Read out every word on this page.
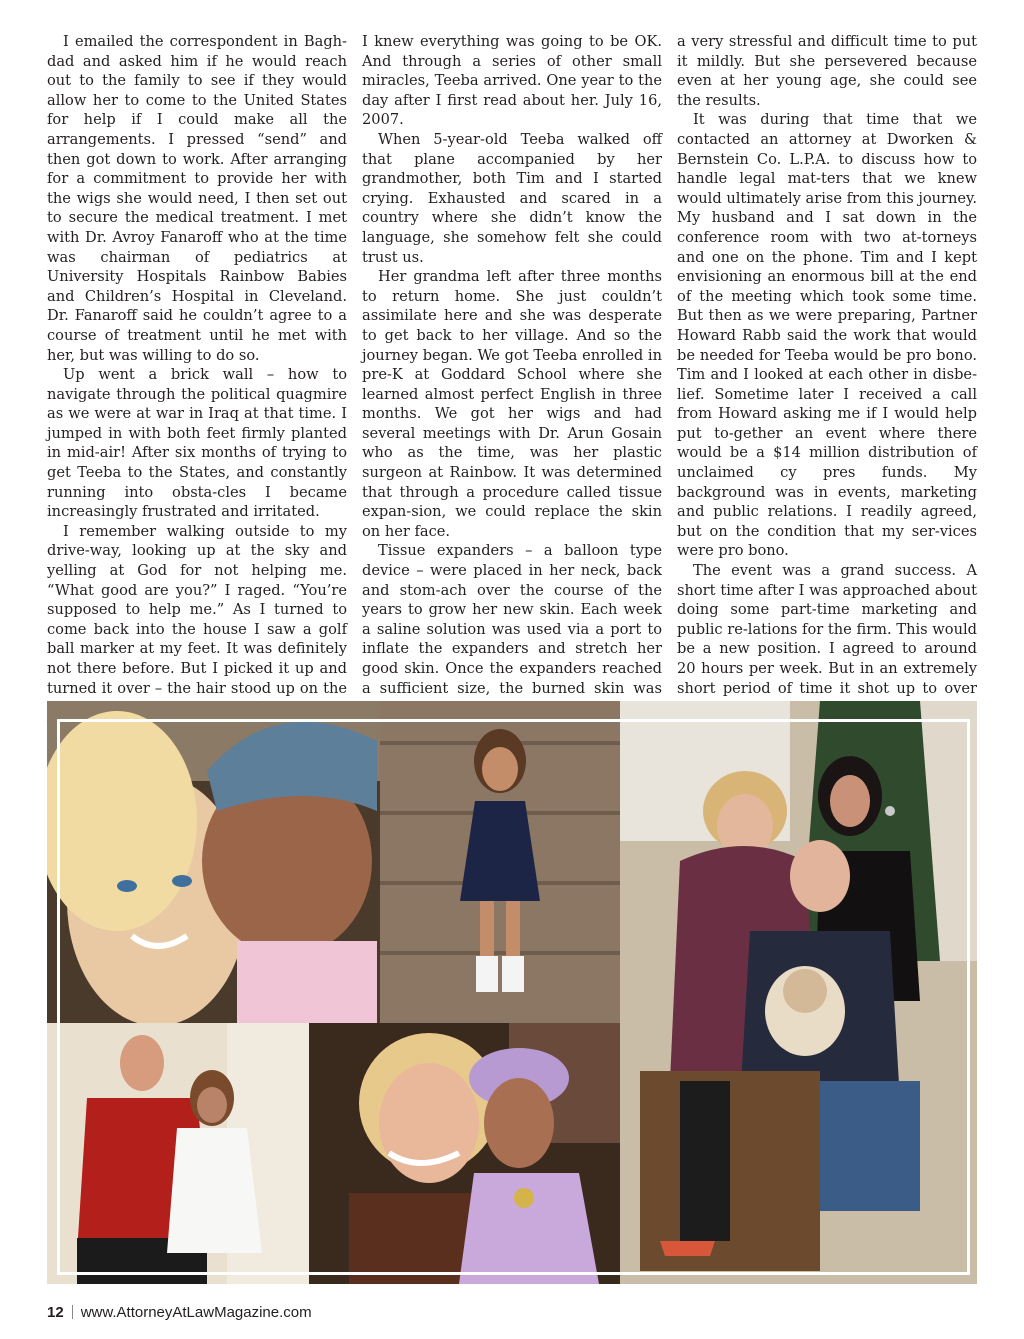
I emailed the correspondent in Bagh-dad and asked him if he would reach out to the family to see if they would allow her to come to the United States for help if I could make all the arrangements. I pressed “send” and then got down to work. After arranging for a commitment to provide her with the wigs she would need, I then set out to secure the medical treatment. I met with Dr. Avroy Fanaroff who at the time was chairman of pediatrics at University Hospitals Rainbow Babies and Children’s Hospital in Cleveland. Dr. Fanaroff said he couldn’t agree to a course of treatment until he met with her, but was willing to do so.

Up went a brick wall – how to navigate through the political quagmire as we were at war in Iraq at that time. I jumped in with both feet firmly planted in mid-air! After six months of trying to get Teeba to the States, and constantly running into obsta-cles I became increasingly frustrated and irritated.

I remember walking outside to my drive-way, looking up at the sky and yelling at God for not helping me. “What good are you?” I raged. “You’re supposed to help me.” As I turned to come back into the house I saw a golf ball marker at my feet. It was definitely not there before. But I picked it up and turned it over – the hair stood up on the

I knew everything was going to be OK. And through a series of other small miracles, Teeba arrived. One year to the day after I first read about her. July 16, 2007.

When 5-year-old Teeba walked off that plane accompanied by her grandmother, both Tim and I started crying. Exhausted and scared in a country where she didn’t know the language, she somehow felt she could trust us.

Her grandma left after three months to return home. She just couldn’t assimilate here and she was desperate to get back to her village. And so the journey began. We got Teeba enrolled in pre-K at Goddard School where she learned almost perfect English in three months. We got her wigs and had several meetings with Dr. Arun Gosain who as the time, was her plastic surgeon at Rainbow. It was determined that through a procedure called tissue expan-sion, we could replace the skin on her face.

Tissue expanders – a balloon type device – were placed in her neck, back and stom-ach over the course of the years to grow her new skin. Each week a saline solution was used via a port to inflate the expanders and stretch her good skin. Once the expanders reached a sufficient size, the burned skin was

a very stressful and difficult time to put it mildly. But she persevered because even at her young age, she could see the results.

It was during that time that we contacted an attorney at Dworken & Bernstein Co. L.P.A. to discuss how to handle legal mat-ters that we knew would ultimately arise from this journey. My husband and I sat down in the conference room with two at-torneys and one on the phone. Tim and I kept envisioning an enormous bill at the end of the meeting which took some time. But then as we were preparing, Partner Howard Rabb said the work that would be needed for Teeba would be pro bono. Tim and I looked at each other in disbe-lief. Sometime later I received a call from Howard asking me if I would help put to-gether an event where there would be a $14 million distribution of unclaimed cy pres funds. My background was in events, marketing and public relations. I readily agreed, but on the condition that my ser-vices were pro bono.

The event was a grand success. A short time after I was approached about doing some part-time marketing and public re-lations for the firm. This would be a new position. I agreed to around 20 hours per week. But in an extremely short period of time it shot up to over

12 www.AttorneyAtLawMagazine.com
